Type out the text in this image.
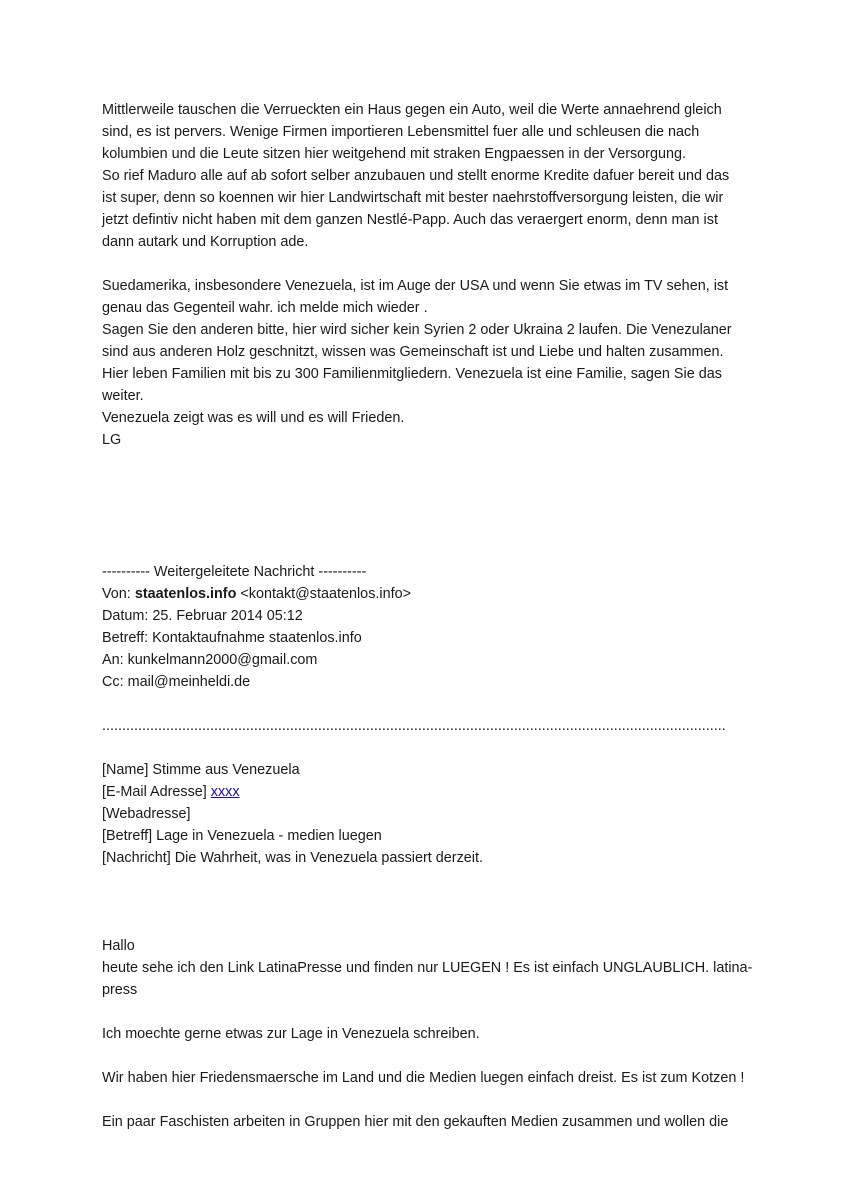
Mittlerweile tauschen die Verrueckten ein Haus gegen ein Auto, weil die Werte annaehrend gleich
sind, es ist pervers. Wenige Firmen importieren Lebensmittel fuer alle und schleusen die nach
kolumbien und die Leute sitzen hier weitgehend mit straken Engpaessen in der Versorgung.
So rief Maduro alle auf ab sofort selber anzubauen und stellt enorme Kredite dafuer bereit und das
ist super, denn so koennen wir hier Landwirtschaft mit bester naehrstoffversorgung leisten, die wir
jetzt defintiv nicht haben mit dem ganzen Nestlé-Papp. Auch das veraergert enorm, denn man ist
dann autark und Korruption ade.
Suedamerika, insbesondere Venezuela, ist im Auge der USA und wenn Sie etwas im TV sehen, ist
genau das Gegenteil wahr. ich melde mich wieder .
Sagen Sie den anderen bitte, hier wird sicher kein Syrien 2 oder Ukraina 2 laufen. Die Venezulaner
sind aus anderen Holz geschnitzt, wissen was Gemeinschaft ist und Liebe und halten zusammen.
Hier leben Familien mit bis zu 300 Familienmitgliedern. Venezuela ist eine Familie, sagen Sie das
weiter.
Venezuela zeigt was es will und es will Frieden.
LG
---------- Weitergeleitete Nachricht ----------
Von: staatenlos.info <kontakt@staatenlos.info>
Datum: 25. Februar 2014 05:12
Betreff: Kontaktaufnahme staatenlos.info
An: kunkelmann2000@gmail.com
Cc: mail@meinheldi.de
............................................................................................................................................................
[Name] Stimme aus Venezuela
[E-Mail Adresse] xxxx
[Webadresse]
[Betreff] Lage in Venezuela - medien luegen
[Nachricht] Die Wahrheit, was in Venezuela passiert derzeit.
Hallo
heute sehe ich den Link LatinaPresse und finden nur LUEGEN ! Es ist einfach UNGLAUBLICH. latina-
press
Ich moechte gerne etwas zur Lage in Venezuela schreiben.
Wir haben hier Friedensmaersche im Land und die Medien luegen einfach dreist. Es ist zum Kotzen !
Ein paar Faschisten arbeiten in Gruppen hier mit den gekauften Medien zusammen und wollen die
